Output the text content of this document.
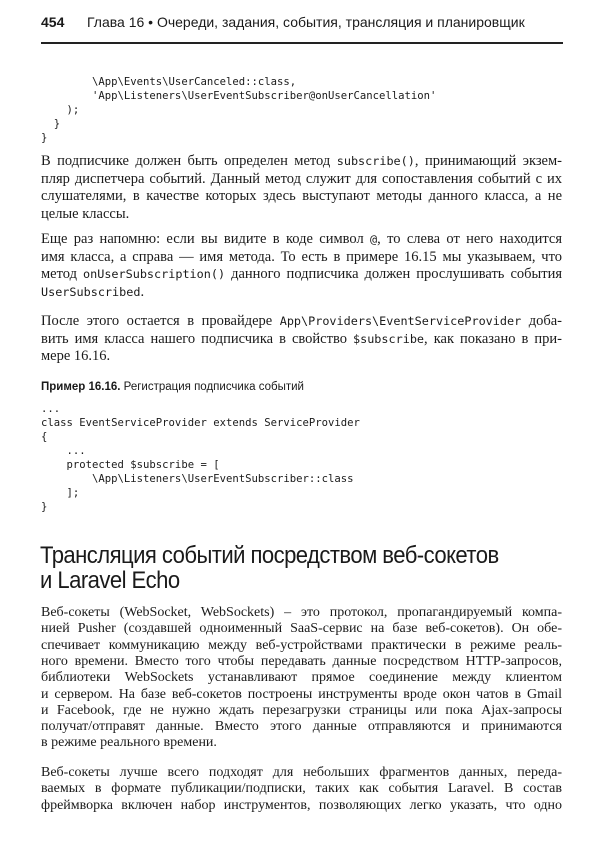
454 Глава 16 • Очереди, задания, события, трансляция и планировщик
\App\Events\UserCanceled::class,
'App\Listeners\UserEventSubscriber@onUserCancellation'
);
}
}
В подписчике должен быть определен метод subscribe(), принимающий экзем-
пляр диспетчера событий. Данный метод служит для сопоставления событий с их
слушателями, в качестве которых здесь выступают методы данного класса, а не
целые классы.
Еще раз напомню: если вы видите в коде символ @, то слева от него находится
имя класса, а справа — имя метода. То есть в примере 16.15 мы указываем, что
метод onUserSubscription() данного подписчика должен прослушивать события
UserSubscribed.
После этого остается в провайдере App\Providers\EventServiceProvider доба-
вить имя класса нашего подписчика в свойство $subscribe, как показано в при-
мере 16.16.
Веб-сокеты (WebSocket, WebSockets) – это протокол, пропагандируемый компа-
нией Pusher (создавшей одноименный SaaS-сервис на базе веб-сокетов). Он обе-
спечивает коммуникацию между веб-устройствами практически в режиме реаль-
ного времени. Вместо того чтобы передавать данные посредством HTTP-запросов,
библиотеки WebSockets устанавливают прямое соединение между клиентом
и сервером. На базе веб-сокетов построены инструменты вроде окон чатов в Gmail
и Facebook, где не нужно ждать перезагрузки страницы или пока Ajax-запросы
получат/отправят данные. Вместо этого данные отправляются и принимаются
в режиме реального времени.
Веб-сокеты лучше всего подходят для небольших фрагментов данных, переда-
ваемых в формате публикации/подписки, таких как события Laravel. В состав
фреймворка включен набор инструментов, позволяющих легко указать, что одно
Пример 16.16. Регистрация подписчика событий
...
class EventServiceProvider extends ServiceProvider
{
...
protected $subscribe = [
\App\Listeners\UserEventSubscriber::class
];
}
Трансляция событий посредством веб-сокетов
и Laravel Echo
